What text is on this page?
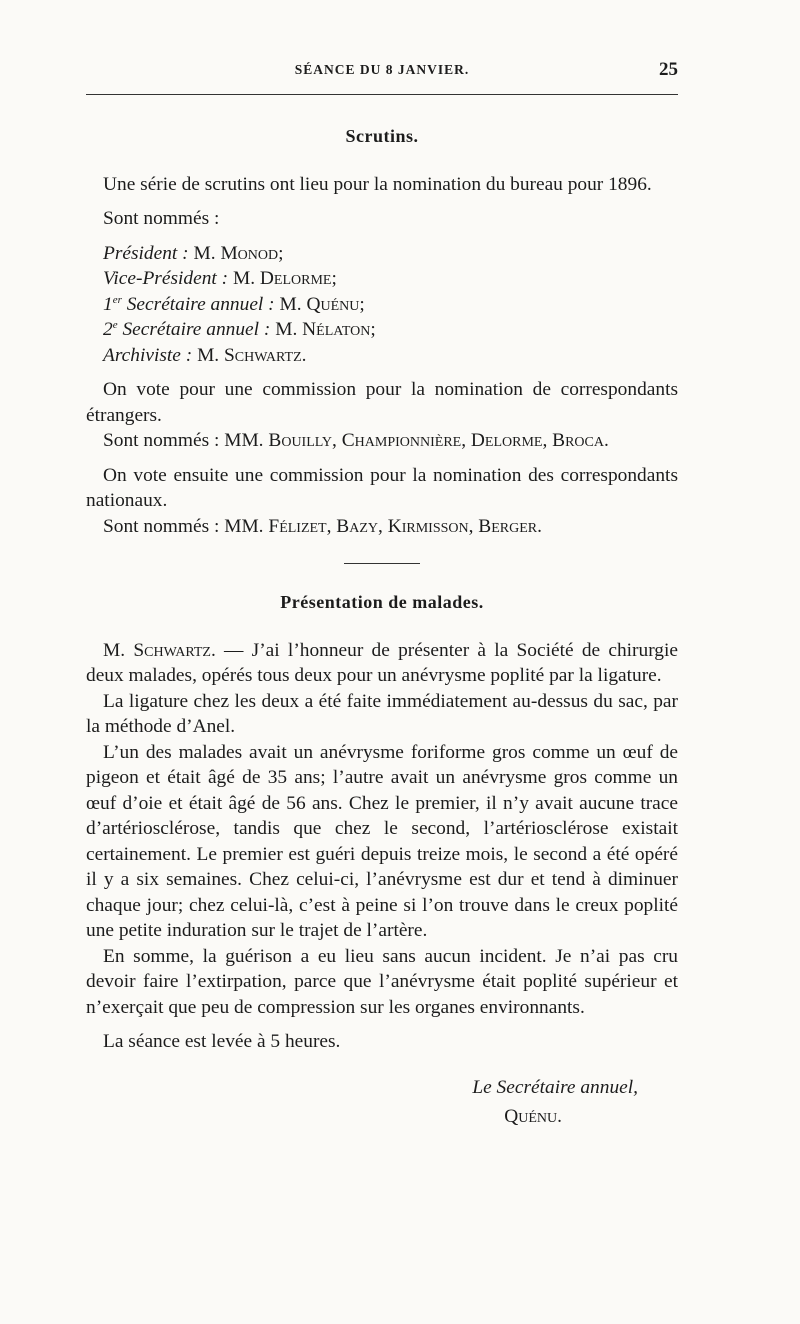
SÉANCE DU 8 JANVIER.	25
Scrutins.

Une série de scrutins ont lieu pour la nomination du bureau pour 1896.

Sont nommés :

Président : M. Monod;
Vice-Président : M. Delorme;
1er Secrétaire annuel : M. Quénu;
2e Secrétaire annuel : M. Nélaton;
Archiviste : M. Schwartz.

On vote pour une commission pour la nomination de correspondants étrangers.

Sont nommés : MM. Bouilly, Championnière, Delorme, Broca.

On vote ensuite une commission pour la nomination des correspondants nationaux.

Sont nommés : MM. Félizet, Bazy, Kirmisson, Berger.

Présentation de malades.

M. Schwartz. — J’ai l’honneur de présenter à la Société de chirurgie deux malades, opérés tous deux pour un anévrysme poplité par la ligature.

La ligature chez les deux a été faite immédiatement au-dessus du sac, par la méthode d’Anel.

L’un des malades avait un anévrysme foriforme gros comme un œuf de pigeon et était âgé de 35 ans; l’autre avait un anévrysme gros comme un œuf d’oie et était âgé de 56 ans. Chez le premier, il n’y avait aucune trace d’artériosclérose, tandis que chez le second, l’artériosclérose existait certainement. Le premier est guéri depuis treize mois, le second a été opéré il y a six semaines. Chez celui-ci, l’anévrysme est dur et tend à diminuer chaque jour; chez celui-là, c’est à peine si l’on trouve dans le creux poplité une petite induration sur le trajet de l’artère.

En somme, la guérison a eu lieu sans aucun incident. Je n’ai pas cru devoir faire l’extirpation, parce que l’anévrysme était poplité supérieur et n’exerçait que peu de compression sur les organes environnants.

La séance est levée à 5 heures.

Le Secrétaire annuel,
Quénu.
